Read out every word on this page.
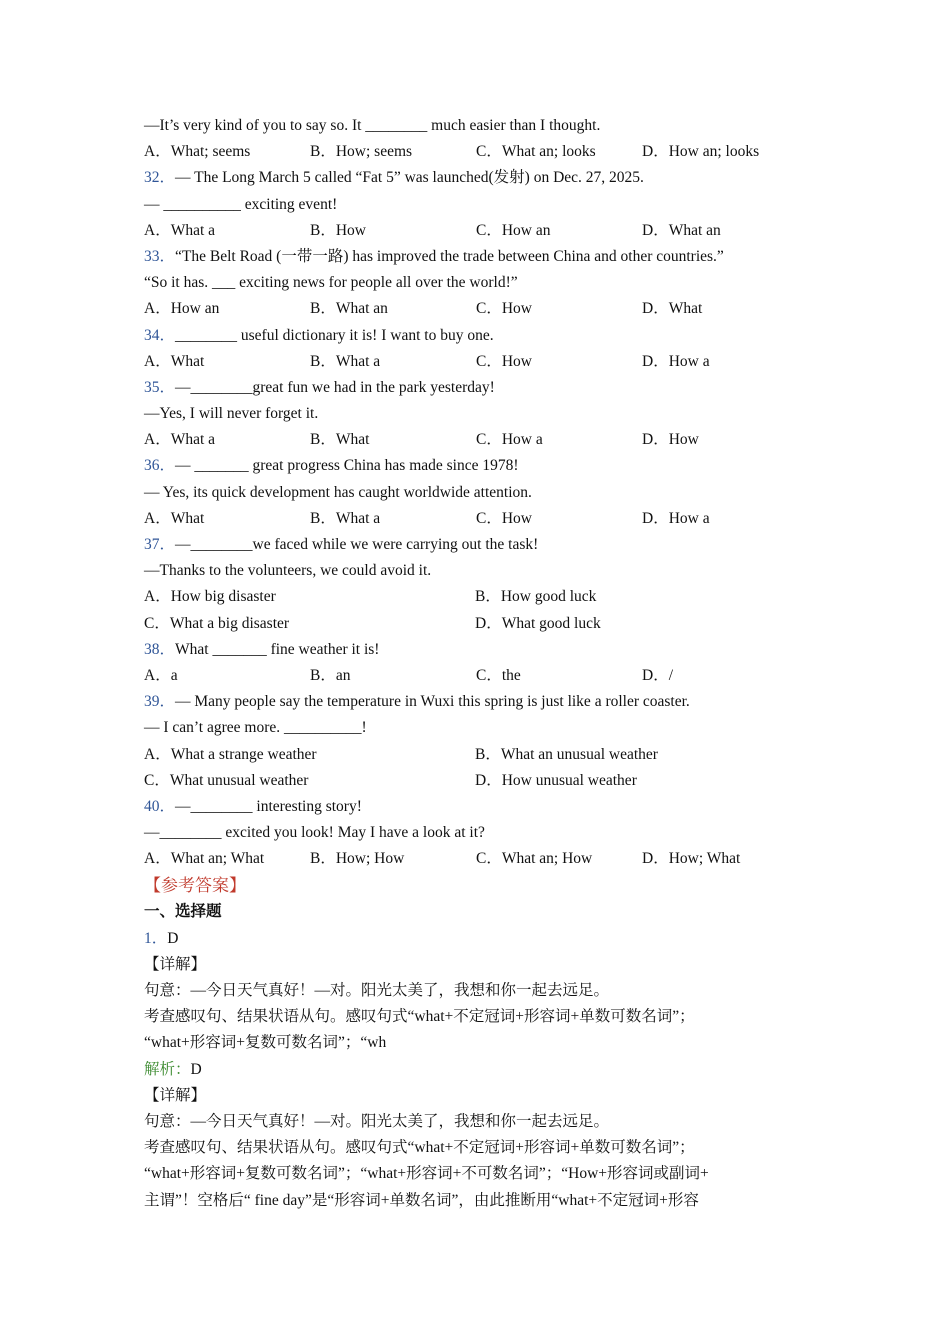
—It’s very kind of you to say so. It ________ much easier than I thought.
A．What; seems	B．How; seems	C．What an; looks	D．How an; looks
32．— The Long March 5 called “Fat 5” was launched(发射) on Dec. 27, 2025.
— __________ exciting event!
A．What a	B．How	C．How an	D．What an
33．“The Belt Road (一带一路) has improved the trade between China and other countries.”
“So it has. ___ exciting news for people all over the world!”
A．How an	B．What an	C．How	D．What
34．________ useful dictionary it is! I want to buy one.
A．What	B．What a	C．How	D．How a
35．—________great fun we had in the park yesterday!
—Yes, I will never forget it.
A．What a	B．What	C．How a	D．How
36．— _______ great progress China has made since 1978!
— Yes, its quick development has caught worldwide attention.
A．What	B．What a	C．How	D．How a
37．—________we faced while we were carrying out the task!
—Thanks to the volunteers, we could avoid it.
A．How big disaster	B．How good luck
C．What a big disaster	D．What good luck
38．What _______ fine weather it is!
A．a	B．an	C．the	D．/
39．— Many people say the temperature in Wuxi this spring is just like a roller coaster.
— I can’t agree more. __________!
A．What a strange weather	B．What an unusual weather
C．What unusual weather	D．How unusual weather
40．—________ interesting story!
—________ excited you look! May I have a look at it?
A．What an; What	B．How; How	C．What an; How	D．How; What
【参考答案】
一、选择题
1．D
【详解】
句意：—今日天气真好！—对。阳光太美了，我想和你一起去远足。
考查感叹句、结果状语从句。感叹句式“what+不定冠词+形容词+单数可数名词”；
“what+形容词+复数可数名词”；“wh
解析：D
【详解】
句意：—今日天气真好！—对。阳光太美了，我想和你一起去远足。
考查感叹句、结果状语从句。感叹句式“what+不定冠词+形容词+单数可数名词”；
“what+形容词+复数可数名词”；“what+形容词+不可数名词”；“How+形容词或副词+
主谓”！空格后“ fine day”是“形容词+单数名词”，由此推断用“what+不定冠词+形容
